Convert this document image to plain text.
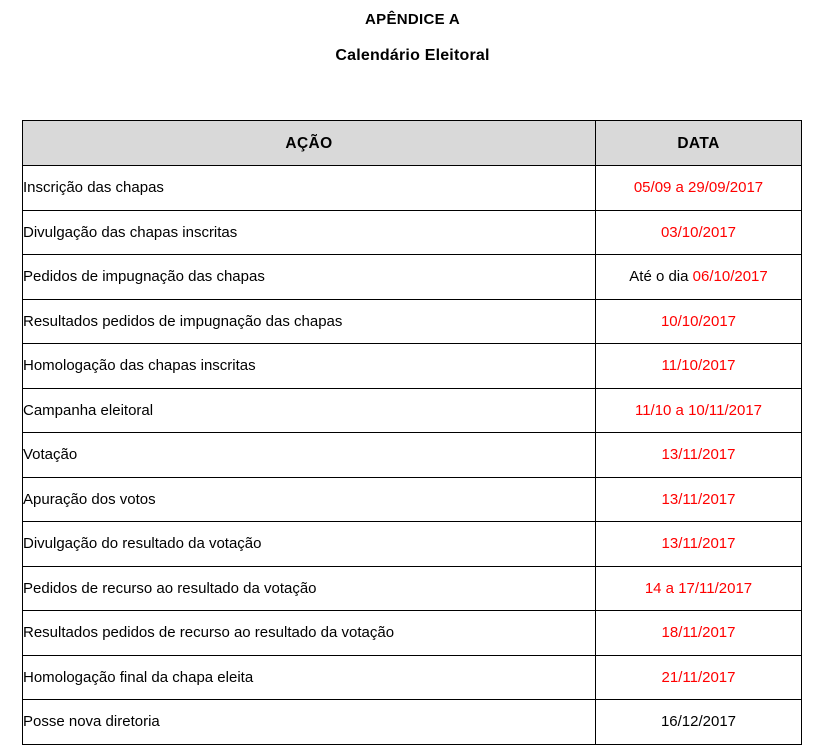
APÊNDICE A
Calendário Eleitoral
AÇÃO	DATA
Inscrição das chapas	05/09 a 29/09/2017
Divulgação das chapas inscritas	03/10/2017
Pedidos de impugnação das chapas	Até o dia 06/10/2017
Resultados pedidos de impugnação das chapas	10/10/2017
Homologação das chapas inscritas	11/10/2017
Campanha eleitoral	11/10 a 10/11/2017
Votação	13/11/2017
Apuração dos votos	13/11/2017
Divulgação do resultado da votação	13/11/2017
Pedidos de recurso ao resultado da votação	14 a 17/11/2017
Resultados pedidos de recurso ao resultado da votação	18/11/2017
Homologação final da chapa eleita	21/11/2017
Posse nova diretoria	16/12/2017
